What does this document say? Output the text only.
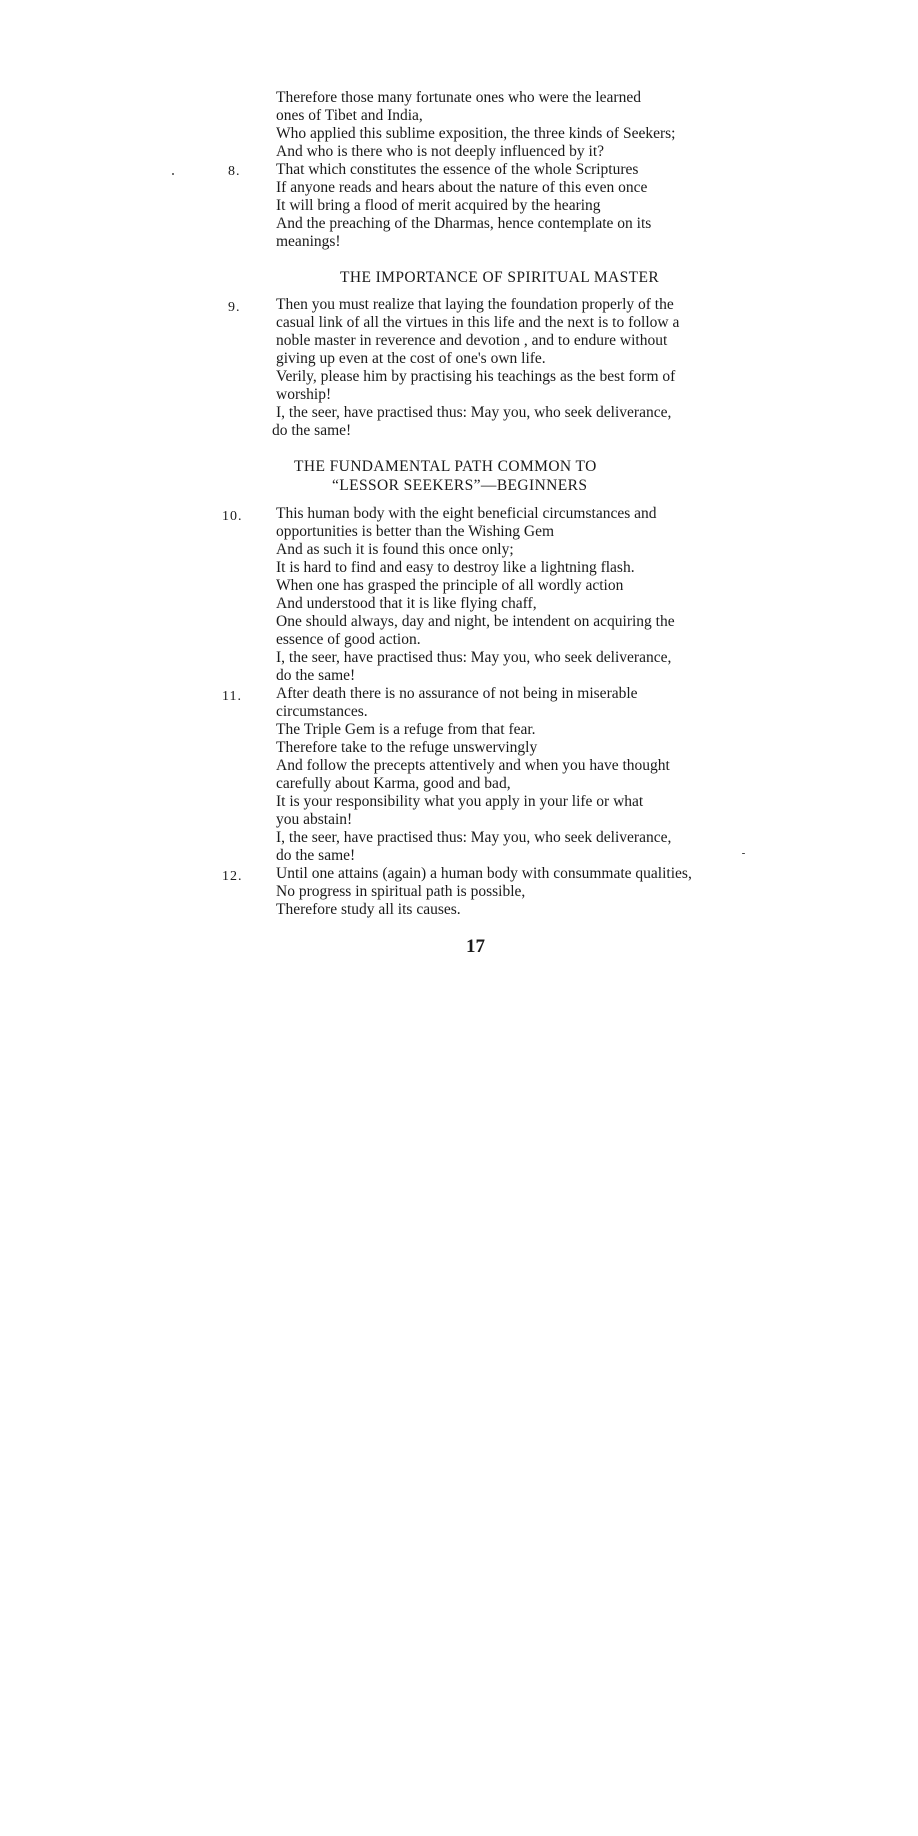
Therefore those many fortunate ones who were the learned
ones of Tibet and India,
Who applied this sublime exposition, the three kinds of Seekers;
And who is there who is not deeply influenced by it?
8. That which constitutes the essence of the whole Scriptures
If anyone reads and hears about the nature of this even once
It will bring a flood of merit acquired by the hearing
And the preaching of the Dharmas, hence contemplate on its
meanings!
THE IMPORTANCE OF SPIRITUAL MASTER
9. Then you must realize that laying the foundation properly of the
casual link of all the virtues in this life and the next is to follow a
noble master in reverence and devotion , and to endure without
giving up even at the cost of one's own life.
Verily, please him by practising his teachings as the best form of
worship!
I, the seer, have practised thus: May you, who seek deliverance,
do the same!
THE FUNDAMENTAL PATH COMMON TO
“LESSOR SEEKERS”—BEGINNERS
10. This human body with the eight beneficial circumstances and
opportunities is better than the Wishing Gem
And as such it is found this once only;
It is hard to find and easy to destroy like a lightning flash.
When one has grasped the principle of all wordly action
And understood that it is like flying chaff,
One should always, day and night, be intendent on acquiring the
essence of good action.
I, the seer, have practised thus: May you, who seek deliverance,
do the same!
11. After death there is no assurance of not being in miserable
circumstances.
The Triple Gem is a refuge from that fear.
Therefore take to the refuge unswervingly
And follow the precepts attentively and when you have thought
carefully about Karma, good and bad,
It is your responsibility what you apply in your life or what
you abstain!
I, the seer, have practised thus: May you, who seek deliverance,
do the same!
12. Until one attains (again) a human body with consummate qualities,
No progress in spiritual path is possible,
Therefore study all its causes.
17
